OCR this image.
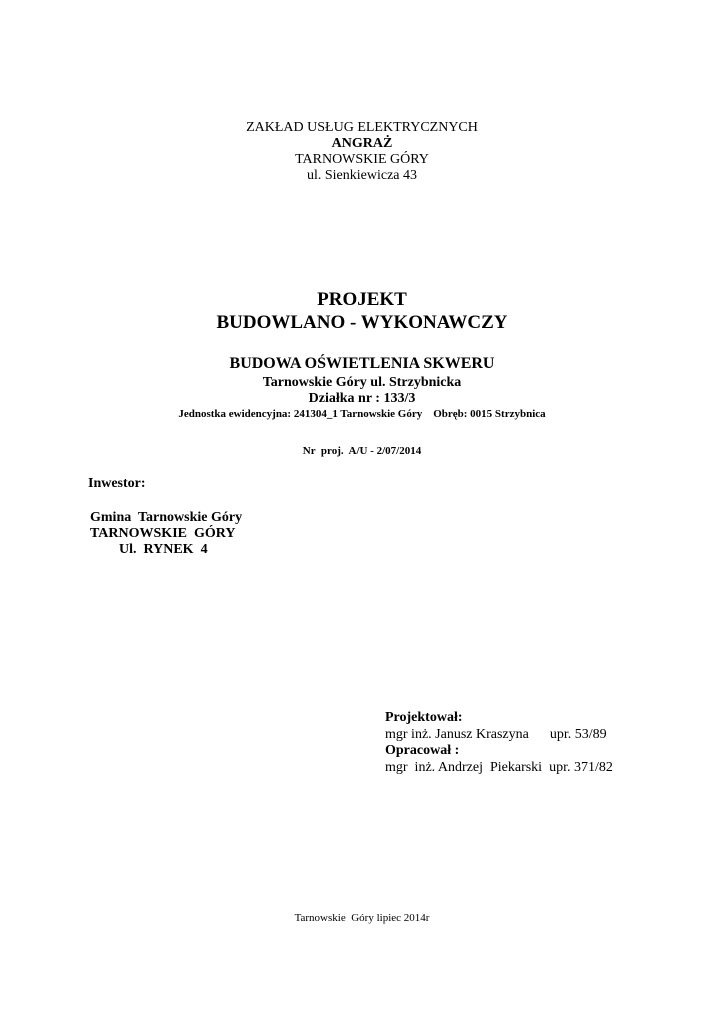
ZAKŁAD USŁUG ELEKTRYCZNYCH
ANGRAŻ
TARNOWSKIE GÓRY
ul. Sienkiewicza 43
PROJEKT
BUDOWLANO - WYKONAWCZY
BUDOWA OŚWIETLENIA SKWERU
Tarnowskie Góry ul. Strzybnicka
Działka nr : 133/3
Jednostka ewidencyjna: 241304_1 Tarnowskie Góry    Obręb: 0015 Strzybnica
Nr  proj.  A/U - 2/07/2014
Inwestor:
Gmina  Tarnowskie Góry
TARNOWSKIE  GÓRY
Ul.  RYNEK  4
Projektował:
mgr inż. Janusz Kraszyna      upr. 53/89
Opracował :
mgr  inż. Andrzej  Piekarski  upr. 371/82
Tarnowskie  Góry lipiec 2014r
